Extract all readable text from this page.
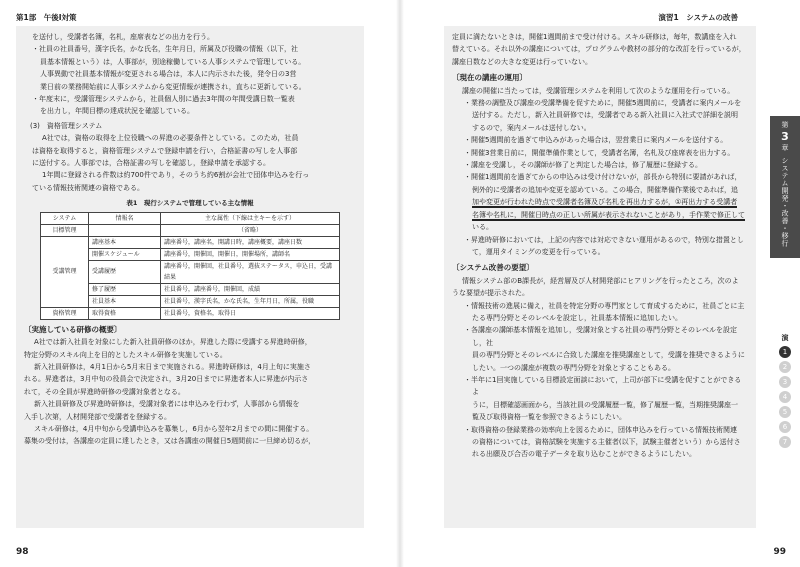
第1部　午後Ⅰ対策

を送付し，受講者名簿，名札，座席表などの出力を行う。

・社員の社員番号，漢字氏名，かな氏名，生年月日，所属及び役職の情報（以下，社

員基本情報という）は，人事部が，別途稼働している人事システムで管理している。

人事異動で社員基本情報が変更される場合は，本人に内示された後，発令日の3営

業日前の業務開始前に人事システムから変更情報が連携され，直ちに更新している。

・年度末に，受講管理システムから，社員個人別に過去3年間の年間受講日数一覧表

を出力し，年間目標の達成状況を確認している。

(3)　資格管理システム

A社では，資格の取得を上位役職への昇進の必要条件としている。このため，社員

は資格を取得すると，資格管理システムで登録申請を行い，合格証書の写しを人事部

に送付する。人事部では，合格証書の写しを確認し，登録申請を承認する。

1年間に登録される件数は約700件であり，そのうち約6割が会社で団体申込みを行っ

ている情報技術関連の資格である。

表1　現行システムで管理している主な情報
システム	情報名	主な属性（下線は主キーを示す）
目標管理		（省略）
受講管理	講座基本	講座番号，講座名，開講日時，講座概要，講座日数
	開催スケジュール	講座番号，開催回，開催日，開催場所，講師名
	受講履歴	講座番号，開催回，社員番号，選抜ステータス，申込日，受講結果
	修了履歴	社員番号，講座番号，開催回，成績
	社員基本	社員番号，漢字氏名，かな氏名，生年月日，所属，役職
資格管理	取得資格	社員番号，資格名，取得日

〔実施している研修の概要〕

A社では新入社員を対象にした新入社員研修のほか，昇進した際に受講する昇進時研修，

特定分野のスキル向上を目的としたスキル研修を実施している。

新入社員研修は，4月1日から5月末日まで実施される。昇進時研修は，4月上旬に実施さ

れる。昇進者は，3月中旬の役員会で決定され，3月20日までに昇進者本人に昇進が内示さ

れて，その全員が昇進時研修の受講対象者となる。

新入社員研修及び昇進時研修は，受講対象者には申込みを行わず，人事部から情報を

入手し次第，人材開発部で受講者を登録する。

スキル研修は，4月中旬から受講申込みを募集し，6月から翌年2月までの間に開催する。

募集の受付は，各講座の定員に達したとき，又は各講座の開催日5週間前に一旦締め切るが，

98
演習1　システムの改善

定員に満たないときは，開催1週間前まで受け付ける。スキル研修は，毎年，数講座を入れ

替えている。それ以外の講座については，プログラムや教材の部分的な改訂を行っているが，

講座日数などの大きな変更は行っていない。

〔現在の講座の運用〕

講座の開催に当たっては，受講管理システムを利用して次のような運用を行っている。

・業務の調整及び講座の受講準備を促すために，開催5週間前に，受講者に案内メールを
送付する。ただし，新入社員研修では，受講者である新入社員に入社式で詳細を説明
するので，案内メールは送付しない。

・開催5週間前を過ぎて申込みがあった場合は，翌営業日に案内メールを送付する。

・開催3営業日前に，開催準備作業として，受講者名簿，名札及び座席表を出力する。

・講座を受講し，その講師が修了と判定した場合は，修了履歴に登録する。

・開催1週間前を過ぎてからの申込みは受け付けないが，部長から特別に要請があれば，
例外的に受講者の追加や変更を認めている。この場合，開催準備作業後であれば，追
加や変更が行われた時点で受講者名簿及び名札を再出力するが，①再出力する受講者
名簿や名札に，開催日時点の正しい所属が表示されないことがあり，手作業で修正して
いる。

・昇進時研修においては，上記の内容では対応できない運用があるので，特別な措置とし
て，運用タイミングの変更を行っている。

〔システム改善の要望〕

情報システム部のB課長が，経営層及び人材開発部にヒアリングを行ったところ，次のよ

うな要望が提示された。

・情報技術の進展に備え，社員を特定分野の専門家として育成するために，社員ごとに主
たる専門分野とそのレベルを設定し，社員基本情報に追加したい。

・各講座の講師基本情報を追加し，受講対象とする社員の専門分野とそのレベルを設定し，社
員の専門分野とそのレベルに合致した講座を推奨講座として，受講を推奨できるように
したい。一つの講座が複数の専門分野を対象とすることもある。

・半年に1回実施している目標設定面談において，上司が部下に受講を促すことができるよ
うに，目標確認画面から，当該社員の受講履歴一覧，修了履歴一覧，当期推奨講座一
覧及び取得資格一覧を参照できるようにしたい。

・取得資格の登録業務の効率向上を図るために，団体申込みを行っている情報技術関連
の資格については，資格試験を実施する主催者(以下，試験主催者という）から送付さ
れる出願及び合否の電子データを取り込むことができるようにしたい。

第
3
章
システム開発・改善・移行
演
1
2
3
4
5
6
7
99
